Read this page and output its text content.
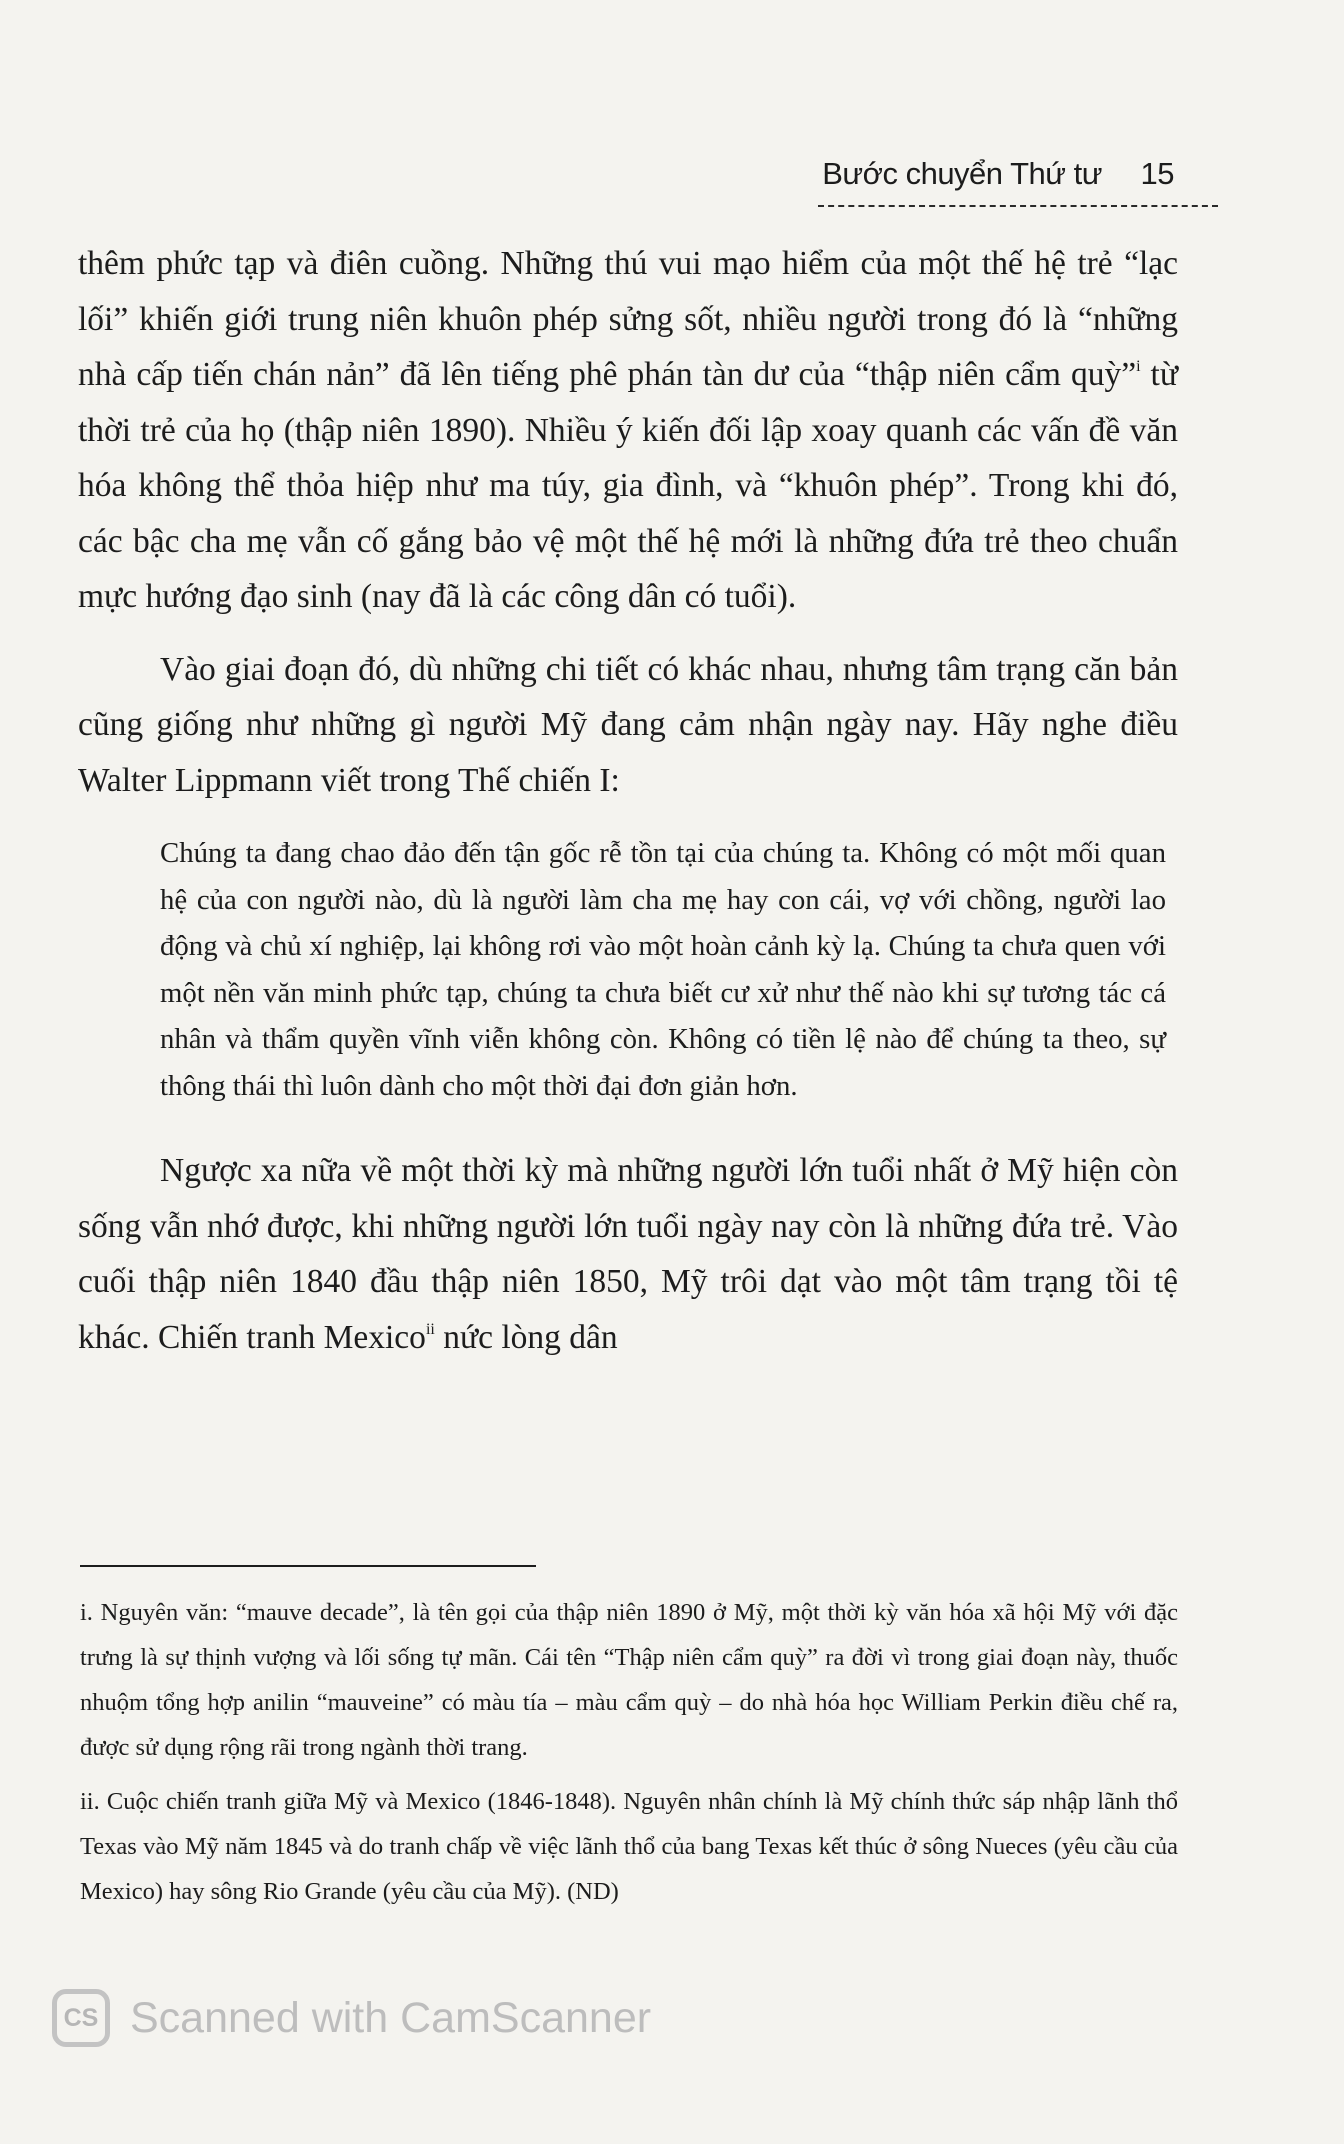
Bước chuyển Thứ tư 15

thêm phức tạp và điên cuồng. Những thú vui mạo hiểm của một thế hệ trẻ “lạc lối” khiến giới trung niên khuôn phép sửng sốt, nhiều người trong đó là “những nhà cấp tiến chán nản” đã lên tiếng phê phán tàn dư của “thập niên cẩm quỳ”$^i$ từ thời trẻ của họ (thập niên 1890). Nhiều ý kiến đối lập xoay quanh các vấn đề văn hóa không thể thỏa hiệp như ma túy, gia đình, và “khuôn phép”. Trong khi đó, các bậc cha mẹ vẫn cố gắng bảo vệ một thế hệ mới là những đứa trẻ theo chuẩn mực hướng đạo sinh (nay đã là các công dân có tuổi).

Vào giai đoạn đó, dù những chi tiết có khác nhau, nhưng tâm trạng căn bản cũng giống như những gì người Mỹ đang cảm nhận ngày nay. Hãy nghe điều Walter Lippmann viết trong Thế chiến I:

Chúng ta đang chao đảo đến tận gốc rễ tồn tại của chúng ta. Không có một mối quan hệ của con người nào, dù là người làm cha mẹ hay con cái, vợ với chồng, người lao động và chủ xí nghiệp, lại không rơi vào một hoàn cảnh kỳ lạ. Chúng ta chưa quen với một nền văn minh phức tạp, chúng ta chưa biết cư xử như thế nào khi sự tương tác cá nhân và thẩm quyền vĩnh viễn không còn. Không có tiền lệ nào để chúng ta theo, sự thông thái thì luôn dành cho một thời đại đơn giản hơn.

Ngược xa nữa về một thời kỳ mà những người lớn tuổi nhất ở Mỹ hiện còn sống vẫn nhớ được, khi những người lớn tuổi ngày nay còn là những đứa trẻ. Vào cuối thập niên 1840 đầu thập niên 1850, Mỹ trôi dạt vào một tâm trạng tồi tệ khác. Chiến tranh Mexico$^{ii}$ nức lòng dân

i. Nguyên văn: “mauve decade”, là tên gọi của thập niên 1890 ở Mỹ, một thời kỳ văn hóa xã hội Mỹ với đặc trưng là sự thịnh vượng và lối sống tự mãn. Cái tên “Thập niên cẩm quỳ” ra đời vì trong giai đoạn này, thuốc nhuộm tổng hợp anilin “mauveine” có màu tía – màu cẩm quỳ – do nhà hóa học William Perkin điều chế ra, được sử dụng rộng rãi trong ngành thời trang.

ii. Cuộc chiến tranh giữa Mỹ và Mexico (1846-1848). Nguyên nhân chính là Mỹ chính thức sáp nhập lãnh thổ Texas vào Mỹ năm 1845 và do tranh chấp về việc lãnh thổ của bang Texas kết thúc ở sông Nueces (yêu cầu của Mexico) hay sông Rio Grande (yêu cầu của Mỹ). (ND)

CS Scanned with CamScanner
